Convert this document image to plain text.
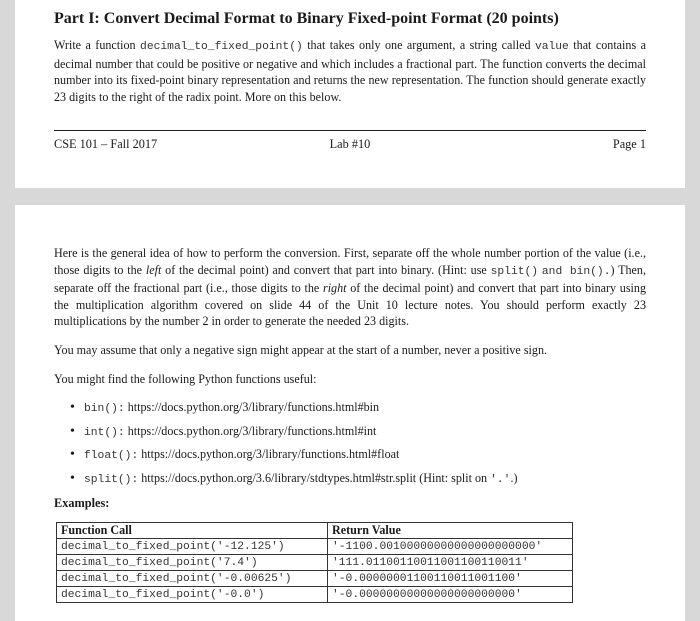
Part I: Convert Decimal Format to Binary Fixed-point Format (20 points)

Write a function decimal_to_fixed_point() that takes only one argument, a string called value that contains a decimal number that could be positive or negative and which includes a fractional part. The function converts the decimal number into its fixed-point binary representation and returns the new representation. The function should generate exactly 23 digits to the right of the radix point. More on this below.

CSE 101 – Fall 2017	Lab #10	Page 1

Here is the general idea of how to perform the conversion. First, separate off the whole number portion of the value (i.e., those digits to the left of the decimal point) and convert that part into binary. (Hint: use split() and bin().) Then, separate off the fractional part (i.e., those digits to the right of the decimal point) and convert that part into binary using the multiplication algorithm covered on slide 44 of the Unit 10 lecture notes. You should perform exactly 23 multiplications by the number 2 in order to generate the needed 23 digits.

You may assume that only a negative sign might appear at the start of a number, never a positive sign.

You might find the following Python functions useful:

• bin(): https://docs.python.org/3/library/functions.html#bin
• int(): https://docs.python.org/3/library/functions.html#int
• float(): https://docs.python.org/3/library/functions.html#float
• split(): https://docs.python.org/3.6/library/stdtypes.html#str.split (Hint: split on '.'.)
Examples:
Function Call	Return Value
decimal_to_fixed_point('-12.125')	'-1100.00100000000000000000000'
decimal_to_fixed_point('7.4')	'111.01100110011001100110011'
decimal_to_fixed_point('-0.00625')	'-0.00000001100110011001100'
decimal_to_fixed_point('-0.0')	'-0.00000000000000000000000'
